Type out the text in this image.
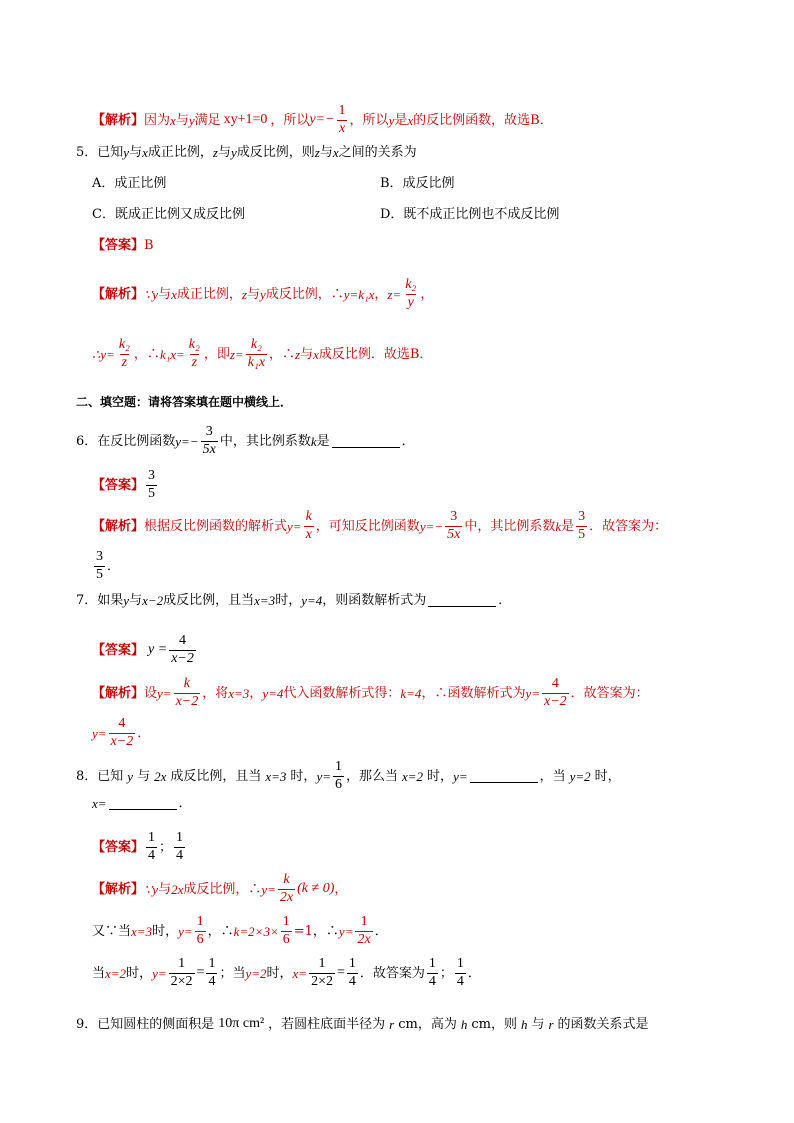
【解析】 因为 x 与 y 满足 xy+1=0 ，所以 $y=- \frac{1}{x}$ ，所以 y 是 x 的反比例函数，故选B．
5．已知 y 与 x 成正比例， z 与 y 成反比例，则 z 与 x 之间的关系为
A．成正比例	B．成反比例
C．既成正比例又成反比例	D．既不成正比例也不成反比例
【答案】 B
【解析】 ∵y 与 x 成正比例， z 与 y 成反比例，∴ y=k₁x ， $z= \frac{\text{k₂}}{y}$ ，
∴y= $\frac{\text{k₂}}{z}$ ，∴ $k_1x= \frac{\text{k₂}}{z}$ ，即 $z= \frac{\text{k₂}}{\text{k₁x}}$ ，∴ z 与 x 成反比例．故选B．
二、填空题：请将答案填在题中横线上．
6．在反比例函数 $y=- \frac{3}{5x}$ 中，其比例系数 k 是	．
【答案】 $\frac{3}{5}$
【解析】 根据反比例函数的解析式 $y= \frac{k}{x}$ ，可知反比例函数 $y=- \frac{3}{5x}$ 中，其比例系数 k 是 $\frac{3}{5}$ ．故答案为：
$\frac{3}{5}$ ．
7．如果 y 与 x−2 成反比例，且当 x=3 时， y=4 ，则函数解析式为	．
【答案】 $y = \frac{4}{x-2}$
【解析】 设 $y= \frac{k}{x-2}$ ，将 x=3 ， y=4 代入函数解析式得： k=4 ，∴函数解析式为 $y= \frac{4}{x-2}$ ．故答案为：
$y= \frac{4}{x-2}$ ．
8．已知 y 与 2x 成反比例，且当 x=3 时， $y= \frac{1}{6}$ ，那么当 x=2 时， y=	，当 y=2 时，
x=	．
【答案】 $\frac{1}{4}$ ； $\frac{1}{4}$
【解析】 ∵y 与 2x 成反比例，∴ $y= \frac{k}{2x} (k \ne 0)$ ，
又∵当 x=3 时， $y= \frac{1}{6}$ ，∴ $k=2\times 3\times \frac{1}{6} =1$ ，∴ $y= \frac{1}{2x}$ ．
当 x=2 时， $y= \frac{1}{2\times 2} = \frac{1}{4}$ ；当 y=2 时， $x= \frac{1}{2\times 2} = \frac{1}{4}$ ．故答案为 $\frac{1}{4}$ ； $\frac{1}{4}$ ．
9．已知圆柱的侧面积是 10π cm² ，若圆柱底面半径为 r cm，高为 h cm，则 h 与 r 的函数关系式是
